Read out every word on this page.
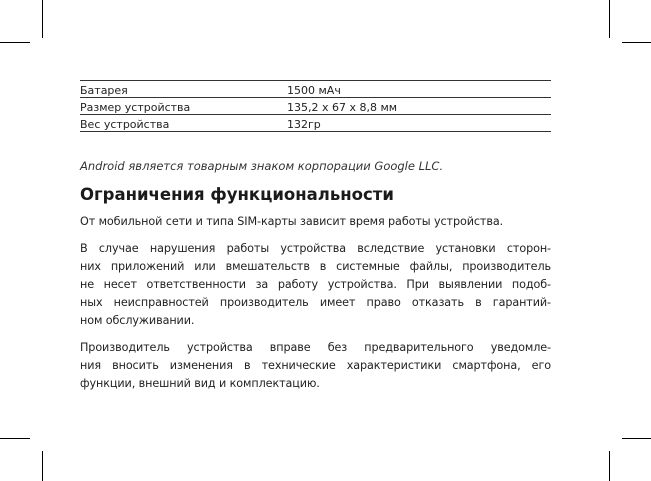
Батарея	1500 мАч
Размер устройства	135,2 x 67 x 8,8 мм
Вес устройства	132гр
Android является товарным знаком корпорации Google LLC.
Ограничения функциональности
От мобильной сети и типа SIM-карты зависит время работы устройства.
В случае нарушения работы устройства вследствие установки сторон-
них приложений или вмешательств в системные файлы, производитель
не несет ответственности за работу устройства. При выявлении подоб-
ных неисправностей производитель имеет право отказать в гарантий-
ном обслуживании.
Производитель устройства вправе без предварительного уведомле-
ния вносить изменения в технические характеристики смартфона, его
функции, внешний вид и комплектацию.
